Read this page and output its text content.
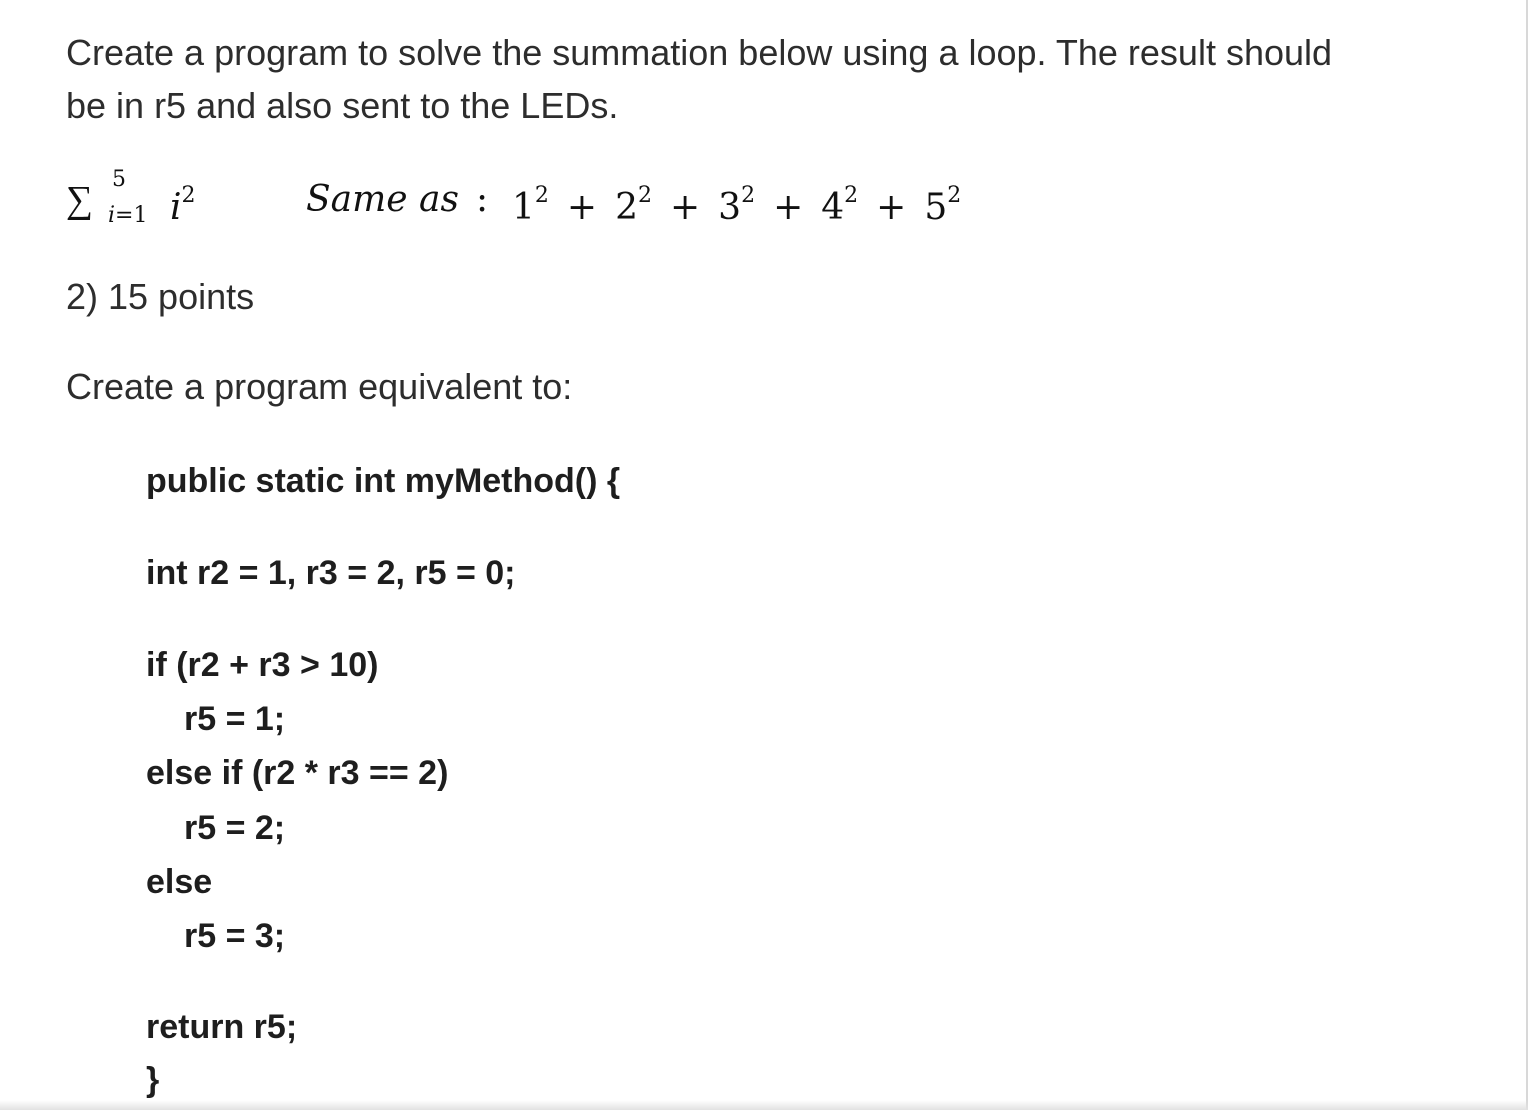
Create a program to solve the summation below using a loop. The result should
be in r5 and also sent to the LEDs.
∑ 5
i=1 $i^2$	Same as : $1^2 + 2^2 + 3^2 + 4^2 + 5^2$
2) 15 points
Create a program equivalent to:
public static int myMethod() {
int r2 = 1, r3 = 2, r5 = 0;
if (r2 + r3 > 10)
r5 = 1;
else if (r2 * r3 == 2)
r5 = 2;
else
r5 = 3;
return r5;
}
